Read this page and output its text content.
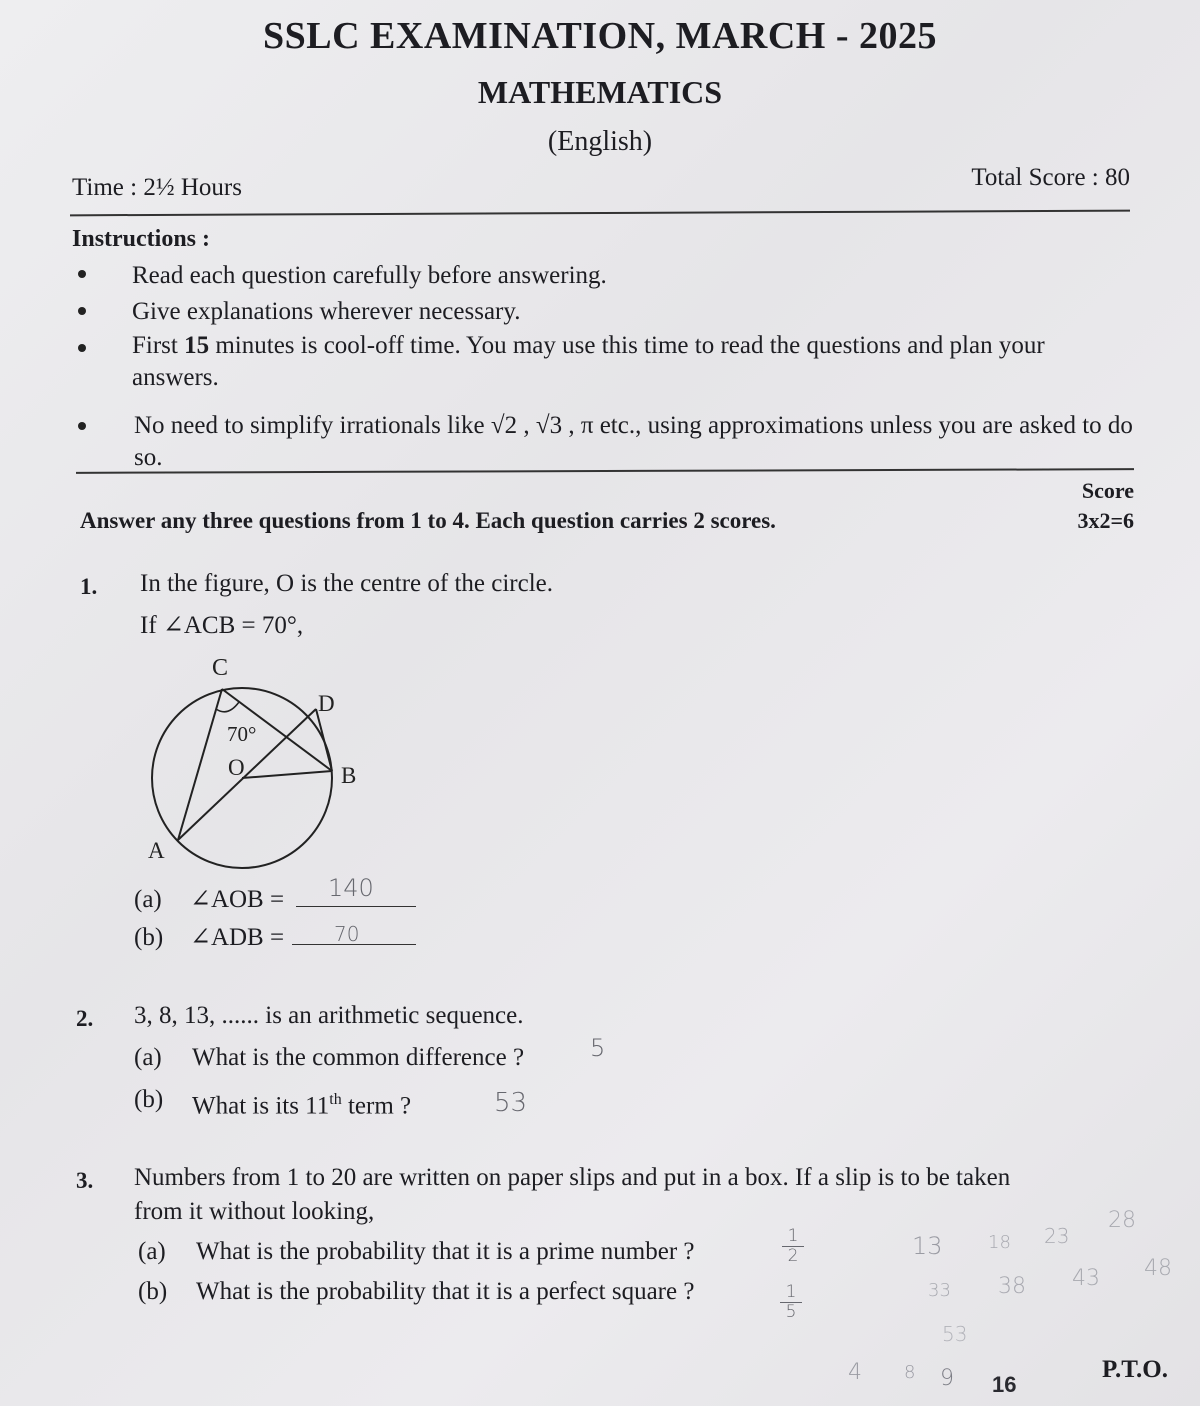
SSLC EXAMINATION, MARCH - 2025
MATHEMATICS
(English)
Time : 2½ Hours	Total Score : 80
Instructions :
Read each question carefully before answering.
Give explanations wherever necessary.
First 15 minutes is cool-off time. You may use this time to read the questions and plan your answers.
No need to simplify irrationals like √2 , √3 , π etc., using approximations unless you are asked to do so.
Answer any three questions from 1 to 4. Each question carries 2 scores.
Score
3x2=6
1. In the figure, O is the centre of the circle.
If ∠ACB = 70°,
C
D
B
A
O
70°
(a) ∠AOB = 140
(b) ∠ADB = 70
2. 3, 8, 13, ...... is an arithmetic sequence.
(a) What is the common difference ?	5
(b) What is its 11th term ?	53
3. Numbers from 1 to 20 are written on paper slips and put in a box. If a slip is to be taken
from it without looking,
(a) What is the probability that it is a prime number ?
1
2
(b) What is the probability that it is a perfect square ?	1
5
13	18 23
28
33 38 43 48
53
4 8 9 16
P.T.O.
